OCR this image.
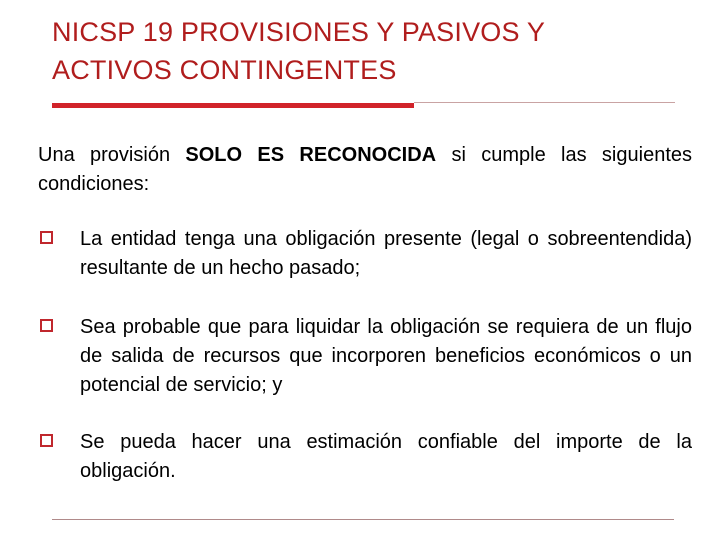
NICSP 19 PROVISIONES Y PASIVOS Y
ACTIVOS CONTINGENTES
Una provisión SOLO ES RECONOCIDA si cumple las siguientes condiciones:
La entidad tenga una obligación presente (legal o sobreentendida) resultante de un hecho pasado;
Sea probable que para liquidar la obligación se requiera de un flujo de salida de recursos que incorporen beneficios económicos o un potencial de servicio; y
Se pueda hacer una estimación confiable del importe de la obligación.
